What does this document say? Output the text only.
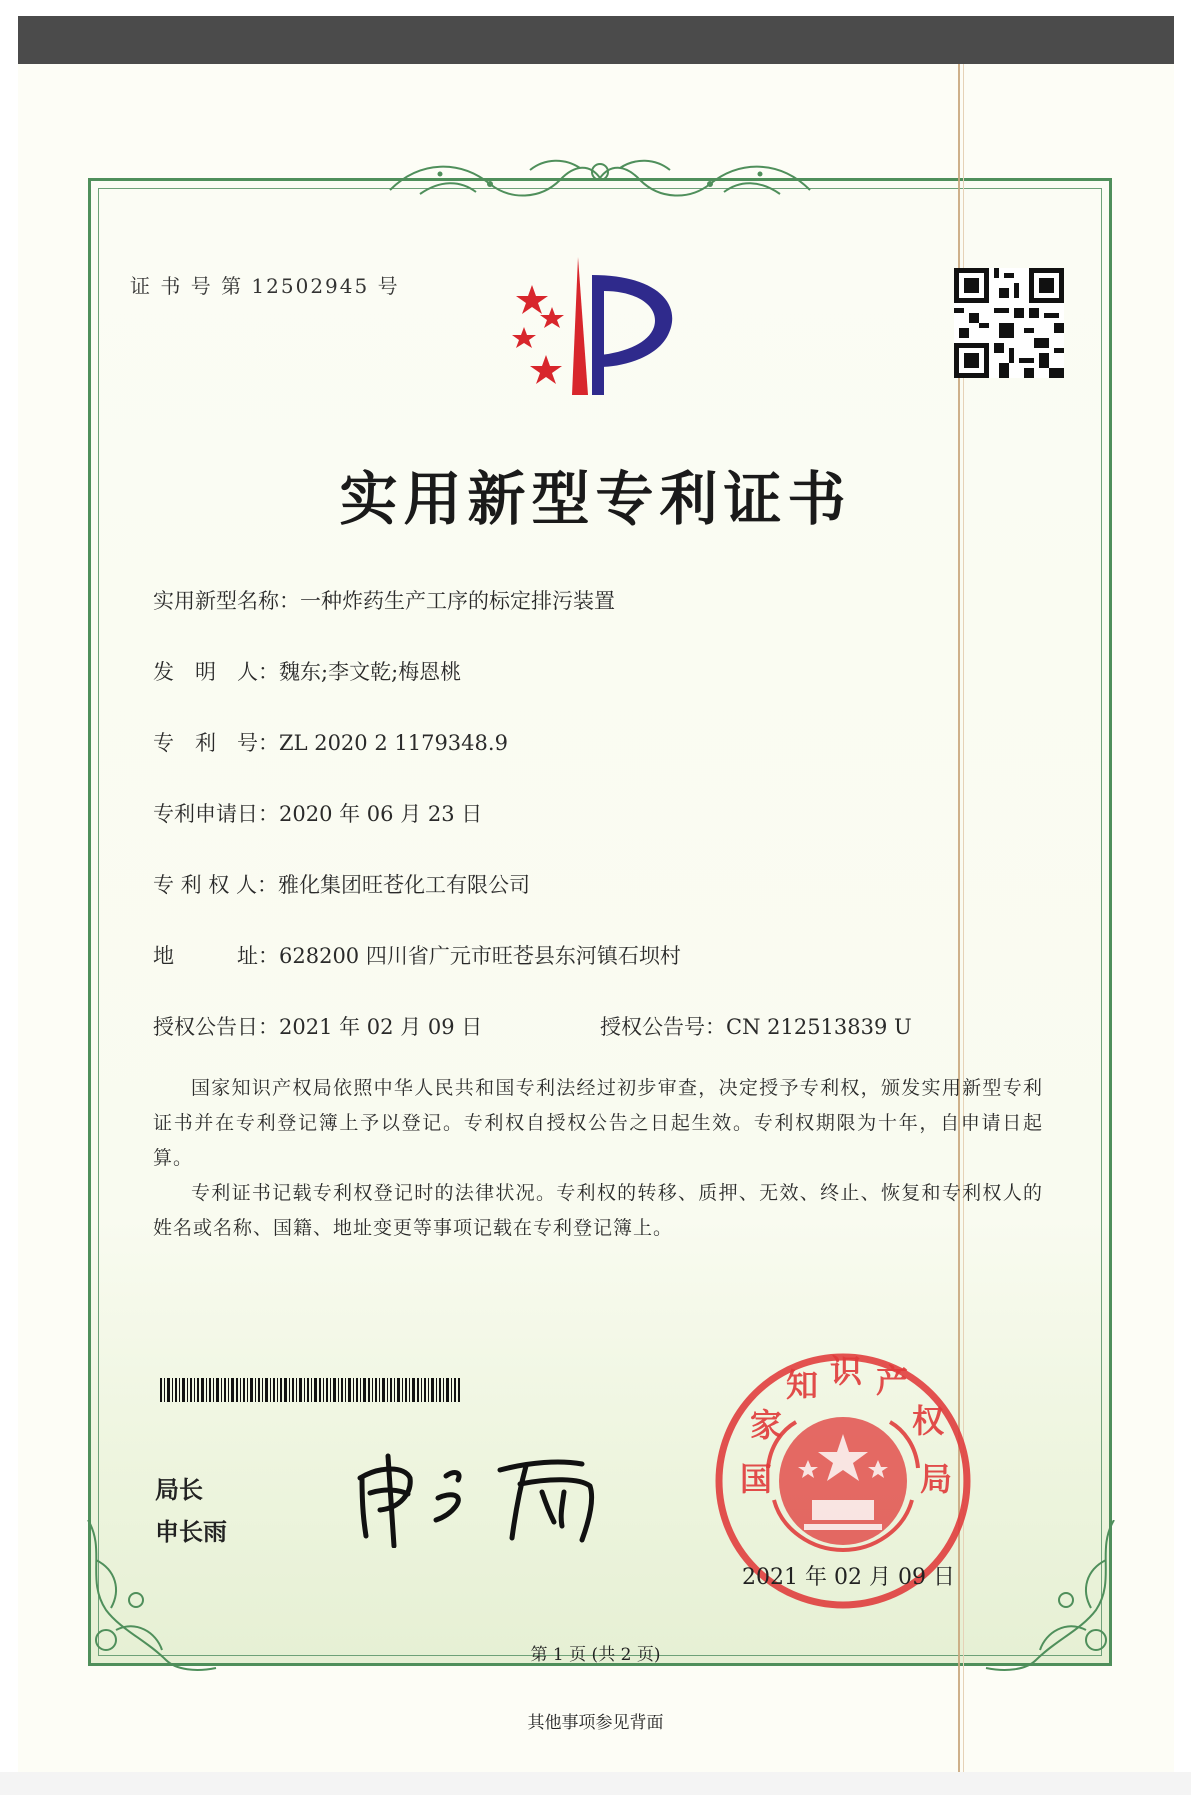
证 书 号 第 12502945 号
实用新型专利证书
实用新型名称：一种炸药生产工序的标定排污装置
发　明　人：魏东;李文乾;梅恩桃
专　利　号：ZL 2020 2 1179348.9
专利申请日：2020 年 06 月 23 日
专 利 权 人：雅化集团旺苍化工有限公司
地　　　址：628200 四川省广元市旺苍县东河镇石坝村
授权公告日：2021 年 02 月 09 日	授权公告号：CN 212513839 U
国家知识产权局依照中华人民共和国专利法经过初步审查，决定授予专利权，颁发实用新型专利证书并在专利登记簿上予以登记。专利权自授权公告之日起生效。专利权期限为十年，自申请日起算。
专利证书记载专利权登记时的法律状况。专利权的转移、质押、无效、终止、恢复和专利权人的姓名或名称、国籍、地址变更等事项记载在专利登记簿上。
局长
申长雨
国
家
知 识 产
权
局
2021 年 02 月 09 日
第 1 页 (共 2 页)
其他事项参见背面
